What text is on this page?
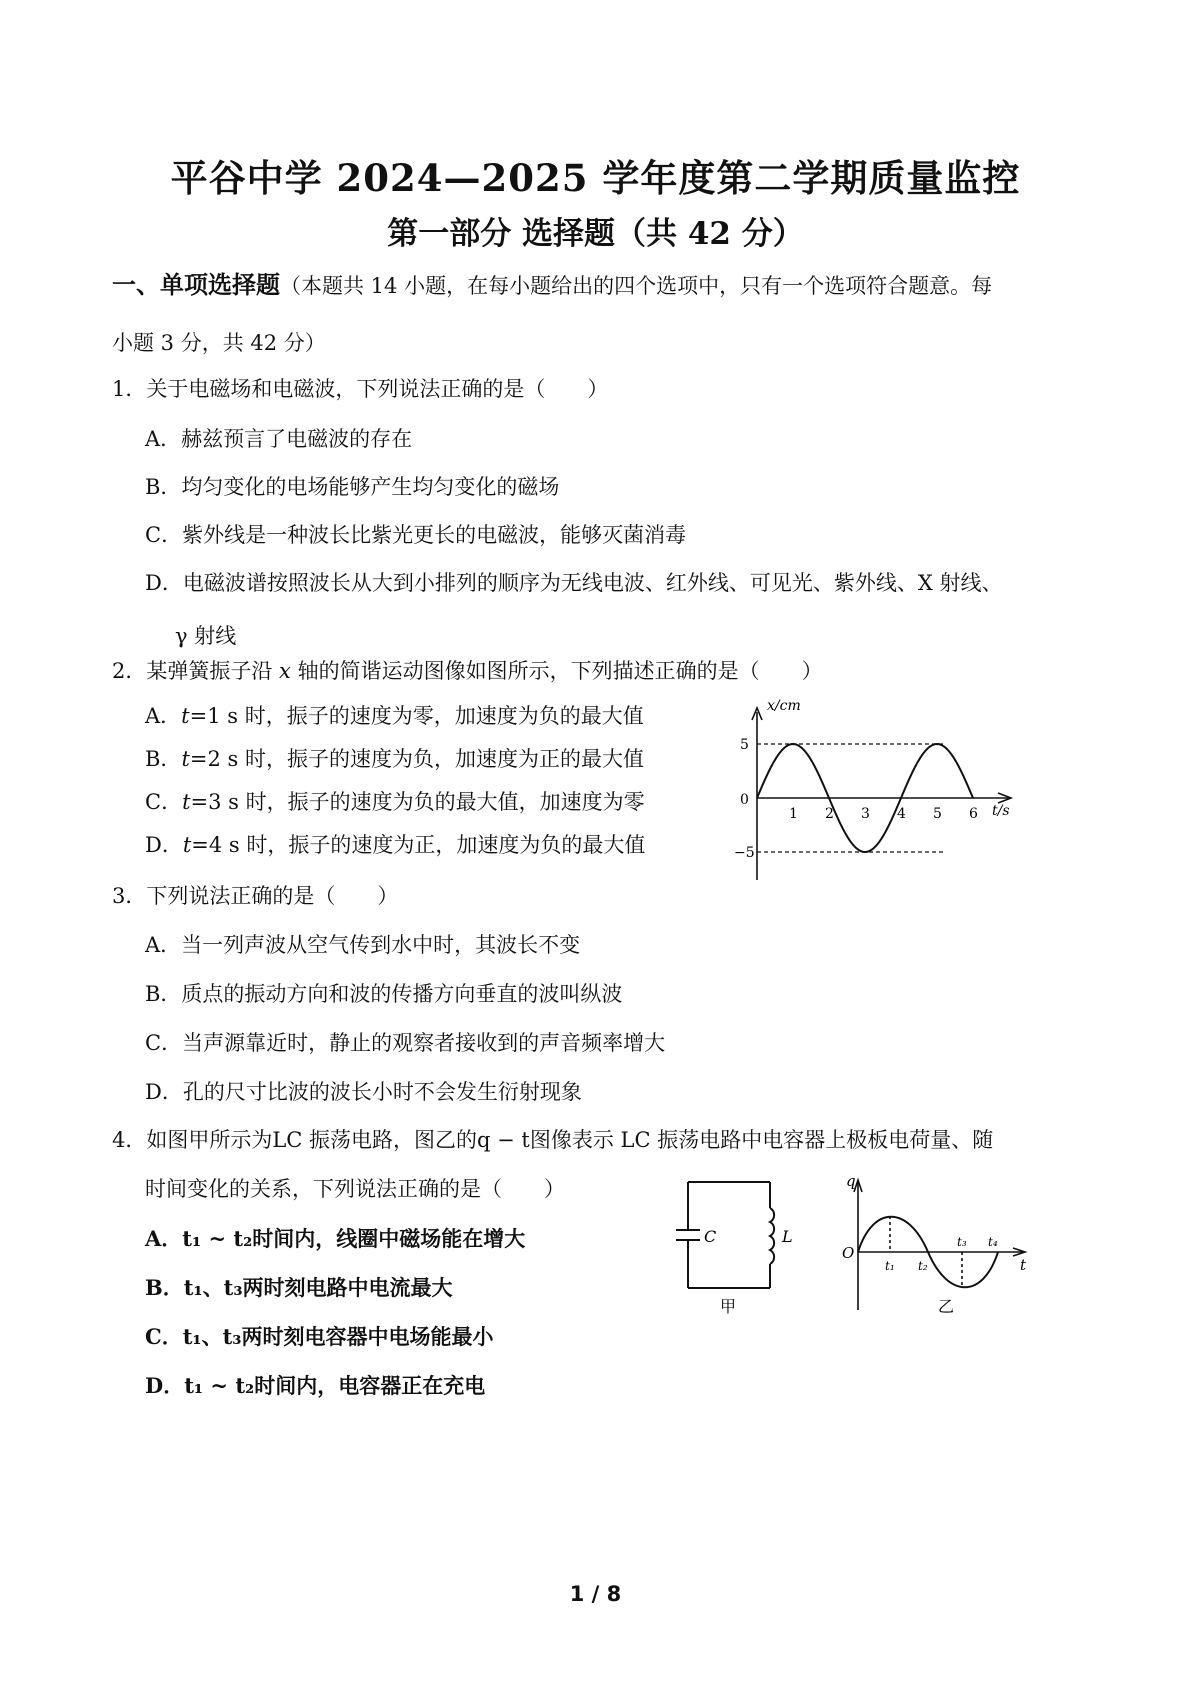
平谷中学 2024—2025 学年度第二学期质量监控
第一部分 选择题（共 42 分）
一、单项选择题（本题共 14 小题，在每小题给出的四个选项中，只有一个选项符合题意。每
小题 3 分，共 42 分）
1．关于电磁场和电磁波，下列说法正确的是（　　）
A．赫兹预言了电磁波的存在
B．均匀变化的电场能够产生均匀变化的磁场
C．紫外线是一种波长比紫光更长的电磁波，能够灭菌消毒
D．电磁波谱按照波长从大到小排列的顺序为无线电波、红外线、可见光、紫外线、X 射线、
γ 射线
2．某弹簧振子沿 x 轴的简谐运动图像如图所示，下列描述正确的是（　　）
A．t=1 s 时，振子的速度为零，加速度为负的最大值
B．t=2 s 时，振子的速度为负，加速度为正的最大值
C．t=3 s 时，振子的速度为负的最大值，加速度为零
D．t=4 s 时，振子的速度为正，加速度为负的最大值
x/cm
t/s
0
1 2 3 4 5 6
5
−5
3．下列说法正确的是（　　）
A．当一列声波从空气传到水中时，其波长不变
B．质点的振动方向和波的传播方向垂直的波叫纵波
C．当声源靠近时，静止的观察者接收到的声音频率增大
D．孔的尺寸比波的波长小时不会发生衍射现象
4．如图甲所示为LC 振荡电路，图乙的q − t图像表示 LC 振荡电路中电容器上极板电荷量、随
时间变化的关系，下列说法正确的是（　　）
A．t₁ ~ t₂时间内，线圈中磁场能在增大
B．t₁、t₃两时刻电路中电流最大
C．t₁、t₃两时刻电容器中电场能最小
D．t₁ ~ t₂时间内，电容器正在充电
C	L
甲
q
t
O
t₁ t₂
t₃ t₄
乙
1 / 8
